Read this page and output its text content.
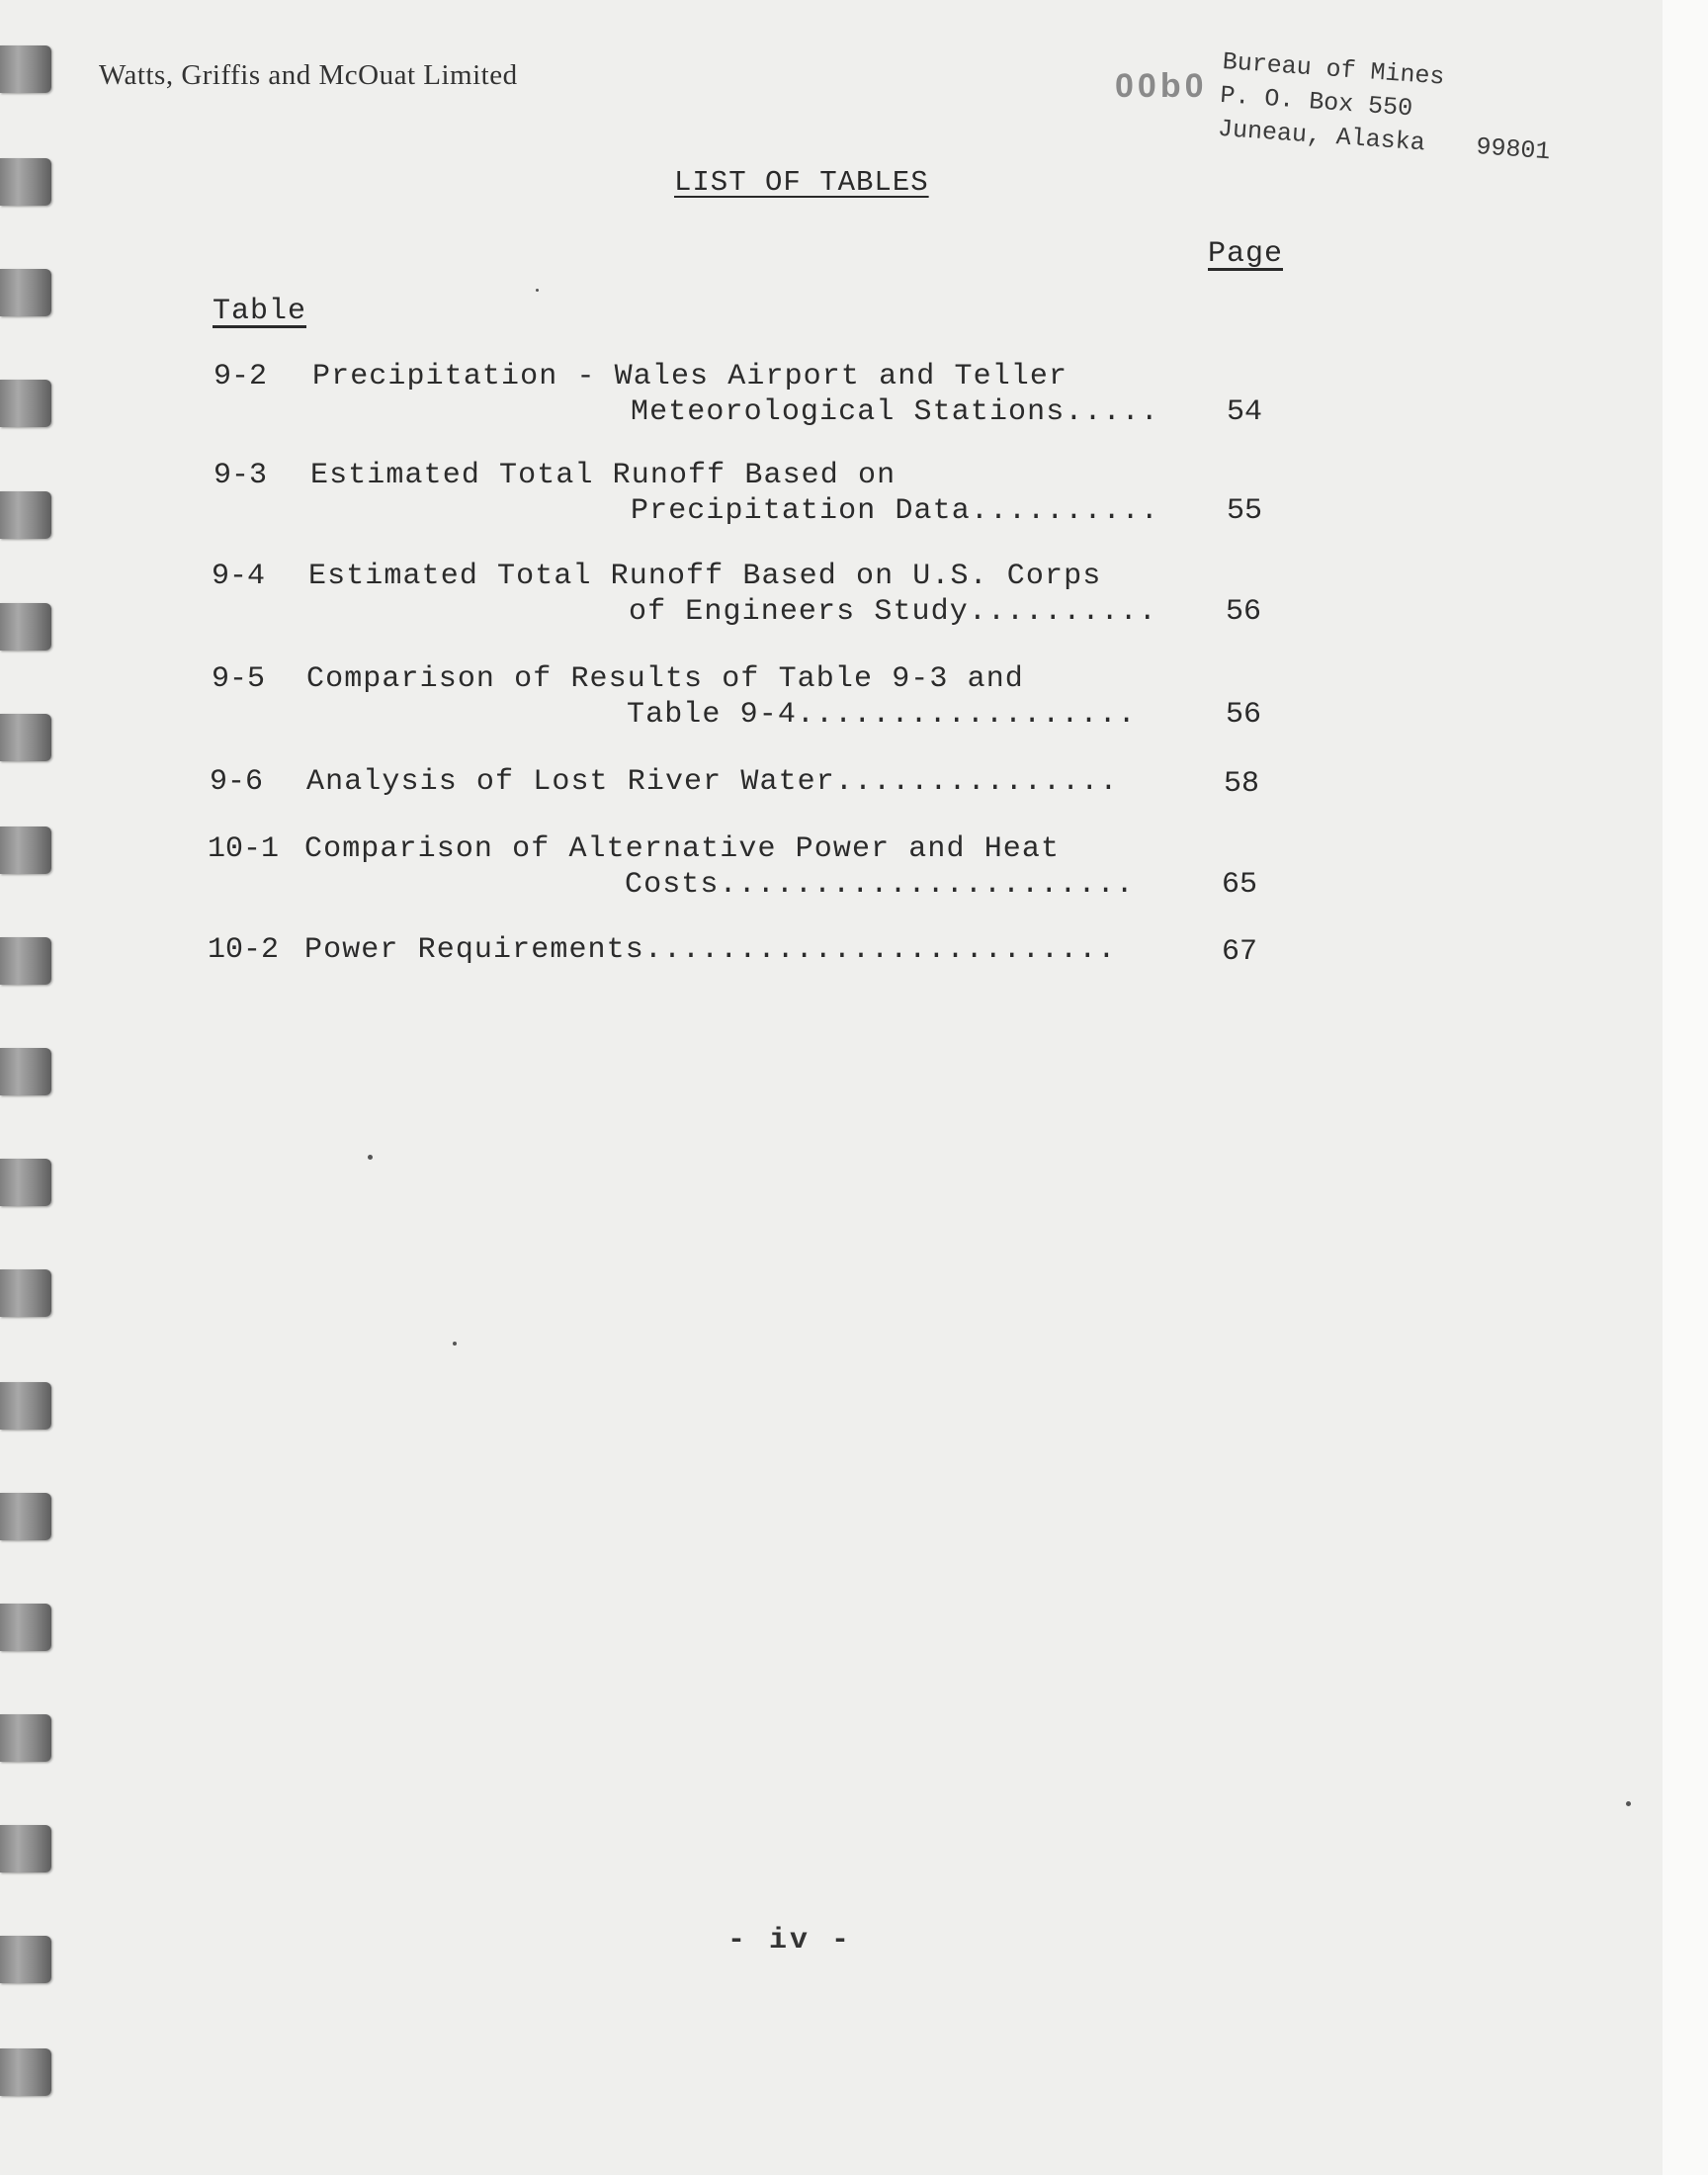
Watts, Griffis and McOuat Limited	00b0 Bureau of Mines
P. O. Box 550
Juneau, Alaska	99801
LIST OF TABLES
Page
Table
9-2	Precipitation - Wales Airport and Teller
Meteorological Stations..... 54
9-3	Estimated Total Runoff Based on
Precipitation Data.......... 55
9-4	Estimated Total Runoff Based on U.S. Corps
of Engineers Study.......... 56
9-5	Comparison of Results of Table 9-3 and
Table 9-4..................	56
9-6	Analysis of Lost River Water...............	58
10-1 Comparison of Alternative Power and Heat
Costs......................	65
10-2 Power Requirements.........................	67
- iv -
